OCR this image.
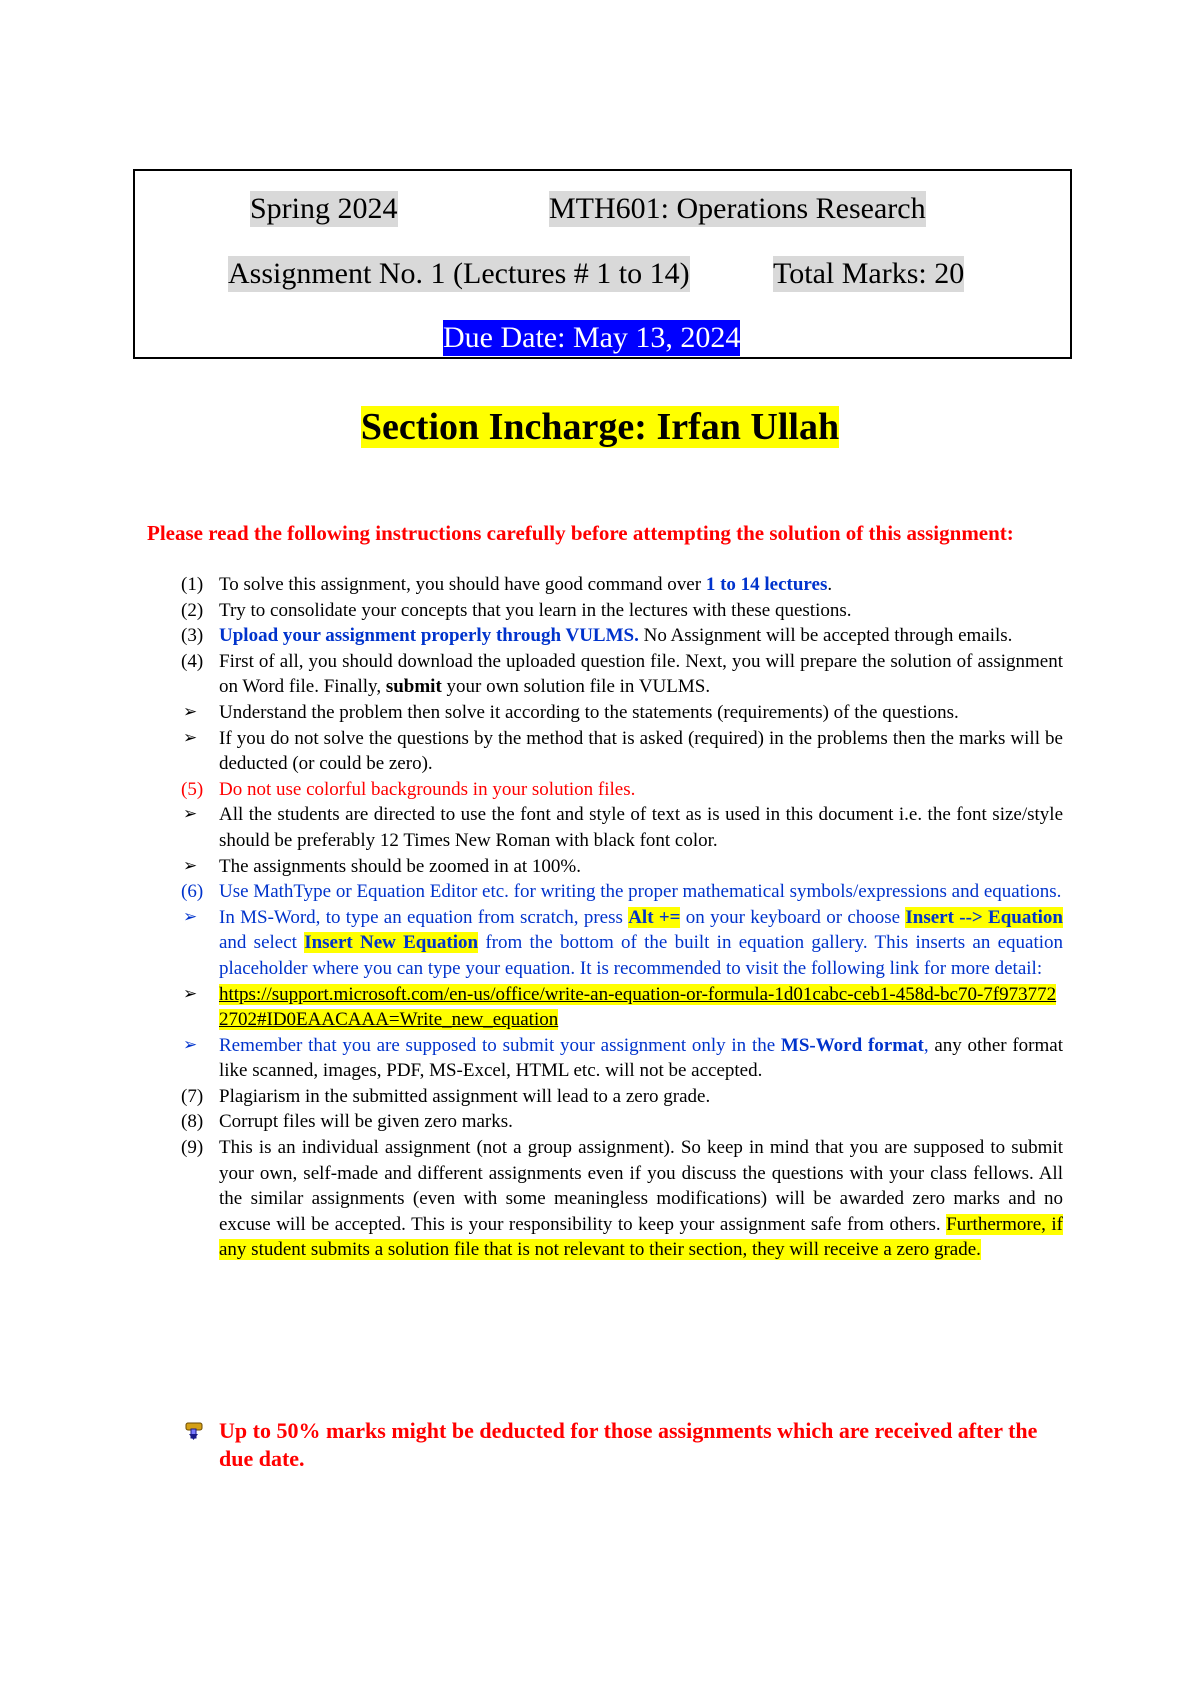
Spring 2024	MTH601: Operations Research
Assignment No. 1 (Lectures # 1 to 14)	Total Marks: 20
Due Date: May 13, 2024
Section Incharge: Irfan Ullah
Please read the following instructions carefully before attempting the solution of this assignment:
(1) To solve this assignment, you should have good command over 1 to 14 lectures.
(2) Try to consolidate your concepts that you learn in the lectures with these questions.
(3) Upload your assignment properly through VULMS. No Assignment will be accepted through emails.
(4) First of all, you should download the uploaded question file. Next, you will prepare the solution of assignment on Word file. Finally, submit your own solution file in VULMS.
➢ Understand the problem then solve it according to the statements (requirements) of the questions.
➢ If you do not solve the questions by the method that is asked (required) in the problems then the marks will be deducted (or could be zero).
(5) Do not use colorful backgrounds in your solution files.
➢ All the students are directed to use the font and style of text as is used in this document i.e. the font size/style should be preferably 12 Times New Roman with black font color.
➢ The assignments should be zoomed in at 100%.
(6) Use MathType or Equation Editor etc. for writing the proper mathematical symbols/expressions and equations.
➢ In MS-Word, to type an equation from scratch, press Alt += on your keyboard or choose Insert --> Equation and select Insert New Equation from the bottom of the built in equation gallery. This inserts an equation placeholder where you can type your equation. It is recommended to visit the following link for more detail:
➢ https://support.microsoft.com/en-us/office/write-an-equation-or-formula-1d01cabc-ceb1-458d-bc70-7f9737722702#ID0EAACAAA=Write_new_equation
➢ Remember that you are supposed to submit your assignment only in the MS-Word format, any other format like scanned, images, PDF, MS-Excel, HTML etc. will not be accepted.
(7) Plagiarism in the submitted assignment will lead to a zero grade.
(8) Corrupt files will be given zero marks.
(9) This is an individual assignment (not a group assignment). So keep in mind that you are supposed to submit your own, self-made and different assignments even if you discuss the questions with your class fellows. All the similar assignments (even with some meaningless modifications) will be awarded zero marks and no excuse will be accepted. This is your responsibility to keep your assignment safe from others. Furthermore, if any student submits a solution file that is not relevant to their section, they will receive a zero grade.
Up to 50% marks might be deducted for those assignments which are received after the due date.
